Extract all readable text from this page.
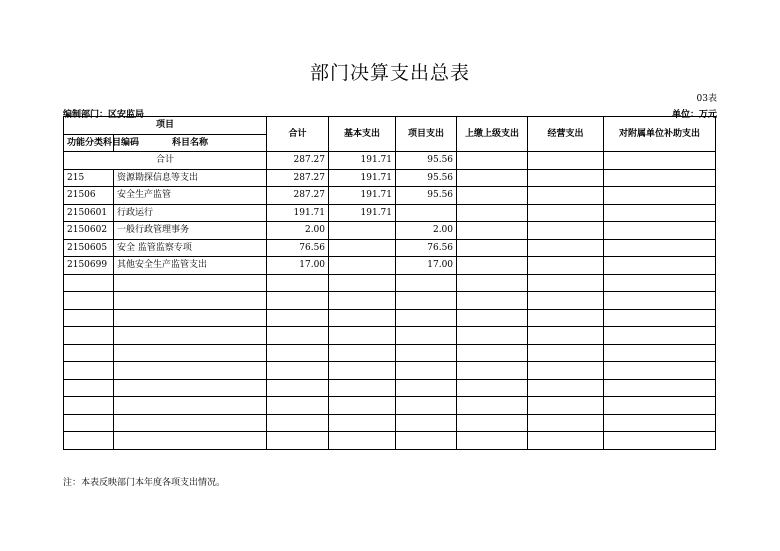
部门决算支出总表
03表
编制部门：区安监局	单位：万元
项目		合计	基本支出	项目支出	上缴上级支出	经营支出	对附属单位补助支出
功能分类科目编码	科目名称						
合计		287.27	191.71	95.56			
215	资源勘探信息等支出	287.27	191.71	95.56			
21506	安全生产监管	287.27	191.71	95.56			
2150601	行政运行	191.71	191.71				
2150602	一般行政管理事务	2.00		2.00			
2150605	安全 监管监察专项	76.56		76.56			
2150699	其他安全生产监管支出	17.00		17.00			

注：本表反映部门本年度各项支出情况。
